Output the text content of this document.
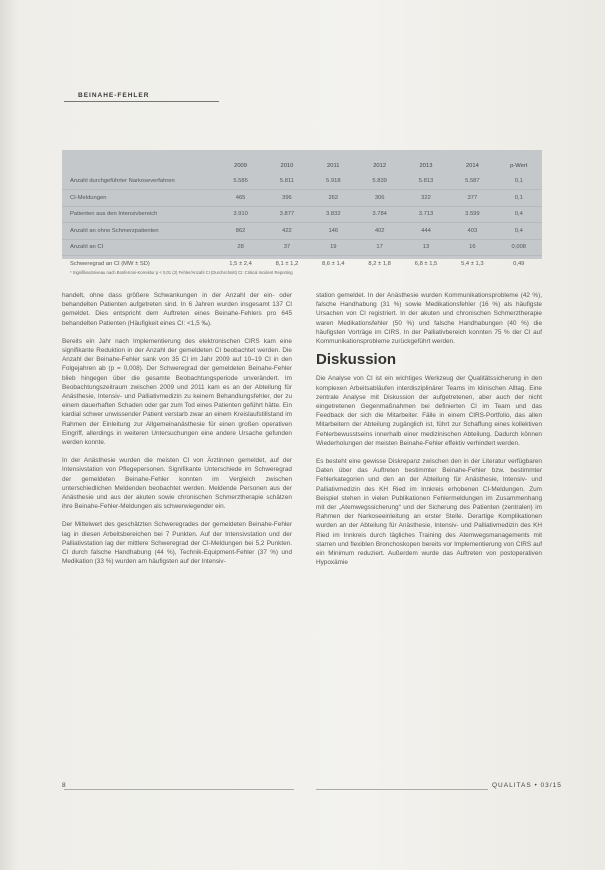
BEINAHE-FEHLER
	2009	2010	2011	2012	2013	2014	p-Wert
Anzahl durchgeführter Narkoseverfahren	5.585	5.811	5.918	5.839	5.813	5.587	0,1
CI-Meldungen	465	396	262	306	322	377	0,1
Patienten aus den Intensivbereich	3.910	3.877	3.832	3.784	3.713	3.599	0,4
Anzahl an ohne Schmerzpatienten	862	422	146	402	444	403	0,4
Anzahl an CI	28	37	19	17	13	16	0,008
Schweregrad an CI (MW ± SD)	1,5 ± 2,4	8,1 ± 1,2	8,6 ± 1,4	8,2 ± 1,8	6,8 ± 1,5	5,4 ± 1,3	0,49
* Signifikanzniveau nach Bonferroni-Korrektur p < 0,01 (2) Fehler/Anzahl CI (Durchschnitt) CI: Critical Incident Reporting

handelt, ohne dass größere Schwankungen in der Anzahl der ein- oder behandelten Patienten aufgetreten sind. In 6 Jahren wurden insgesamt 137 CI gemeldet. Dies entspricht dem Auftreten eines Beinahe-Fehlers pro 645 behandelten Patienten (Häufigkeit eines CI: <1,5 ‰).

Bereits ein Jahr nach Implementierung des elektronischen CIRS kam eine signifikante Reduktion in der Anzahl der gemeldeten CI beobachtet werden. Die Anzahl der Beinahe-Fehler sank von 35 CI im Jahr 2009 auf 10–19 CI in den Folgejahren ab (p = 0,008). Der Schweregrad der gemeldeten Beinahe-Fehler blieb hingegen über die gesamte Beobachtungsperiode unverändert. Im Beobachtungszeitraum zwischen 2009 und 2011 kam es an der Abteilung für Anästhesie, Intensiv- und Palliativmedizin zu keinem Behandlungsfehler, der zu einem dauerhaften Schaden oder gar zum Tod eines Patienten geführt hätte. Ein kardial schwer unwissender Patient verstarb zwar an einem Kreislaufstillstand im Rahmen der Einleitung zur Allgemeinanästhesie für einen großen operativen Eingriff, allerdings in weiteren Untersuchungen eine andere Ursache gefunden werden konnte.

In der Anästhesie wurden die meisten CI von Ärztinnen gemeldet, auf der Intensivstation von Pflegepersonen. Signifikante Unterschiede im Schweregrad der gemeldeten Beinahe-Fehler konnten im Vergleich zwischen unterschiedlichen Meldenden beobachtet werden. Meldende Personen aus der Anästhesie und aus der akuten sowie chronischen Schmerztherapie schätzen ihre Beinahe-Fehler-Meldungen als schwerwiegender ein.

Der Mittelwert des geschätzten Schweregrades der gemeldeten Beinahe-Fehler lag in diesen Arbeitsbereichen bei 7 Punkten. Auf der Intensivstation und der Palliativstation lag der mittlere Schweregrad der CI-Meldungen bei 5,2 Punkten. CI durch falsche Handhabung (44 %), Technik-Equipment-Fehler (37 %) und Medikation (33 %) wurden am häufigsten auf der Intensiv-

station gemeldet. In der Anästhesie wurden Kommunikationsprobleme (42 %), falsche Handhabung (31 %) sowie Medikationsfehler (16 %) als häufigste Ursachen von CI registriert. In der akuten und chronischen Schmerztherapie waren Medikationsfehler (50 %) und falsche Handhabungen (40 %) die häufigsten Vorträge im CIRS. In der Palliativbereich konnten 75 % der CI auf Kommunikationsprobleme zurückgeführt werden.

Diskussion

Die Analyse von CI ist ein wichtiges Werkzeug der Qualitätssicherung in den komplexen Arbeitsabläufen interdisziplinärer Teams im klinischen Alltag. Eine zentrale Analyse mit Diskussion der aufgetretenen, aber auch der nicht eingetretenen Gegenmaßnahmen bei definierten CI im Team und das Feedback der sich die Mitarbeiter. Fälle in einem CIRS-Portfolio, das allen Mitarbeitern der Abteilung zugänglich ist, führt zur Schaffung eines kollektiven Fehlerbewusstseins innerhalb einer medizinischen Abteilung. Dadurch können Wiederholungen der meisten Beinahe-Fehler effektiv verhindert werden.

Es besteht eine gewisse Diskrepanz zwischen den in der Literatur verfügbaren Daten über das Auftreten bestimmter Beinahe-Fehler bzw. bestimmter Fehlerkategorien und den an der Abteilung für Anästhesie, Intensiv- und Palliativmedizin des KH Ried im Innkreis erhobenen CI-Meldungen. Zum Beispiel stehen in vielen Publikationen Fehlermeldungen im Zusammenhang mit der „Atemwegssicherung“ und der Sicherung des Patienten (zentralen) im Rahmen der Narkoseeinleitung an erster Stelle. Derartige Komplikationen wurden an der Abteilung für Anästhesie, Intensiv- und Palliativmedizin des KH Ried im Innkreis durch tägliches Training des Atemwegsmanagements mit starren und flexiblen Bronchoskopen bereits vor Implementierung von CIRS auf ein Minimum reduziert. Außerdem wurde das Auftreten von postoperativen Hypoxämie

8	QUALITAS • 03/15
